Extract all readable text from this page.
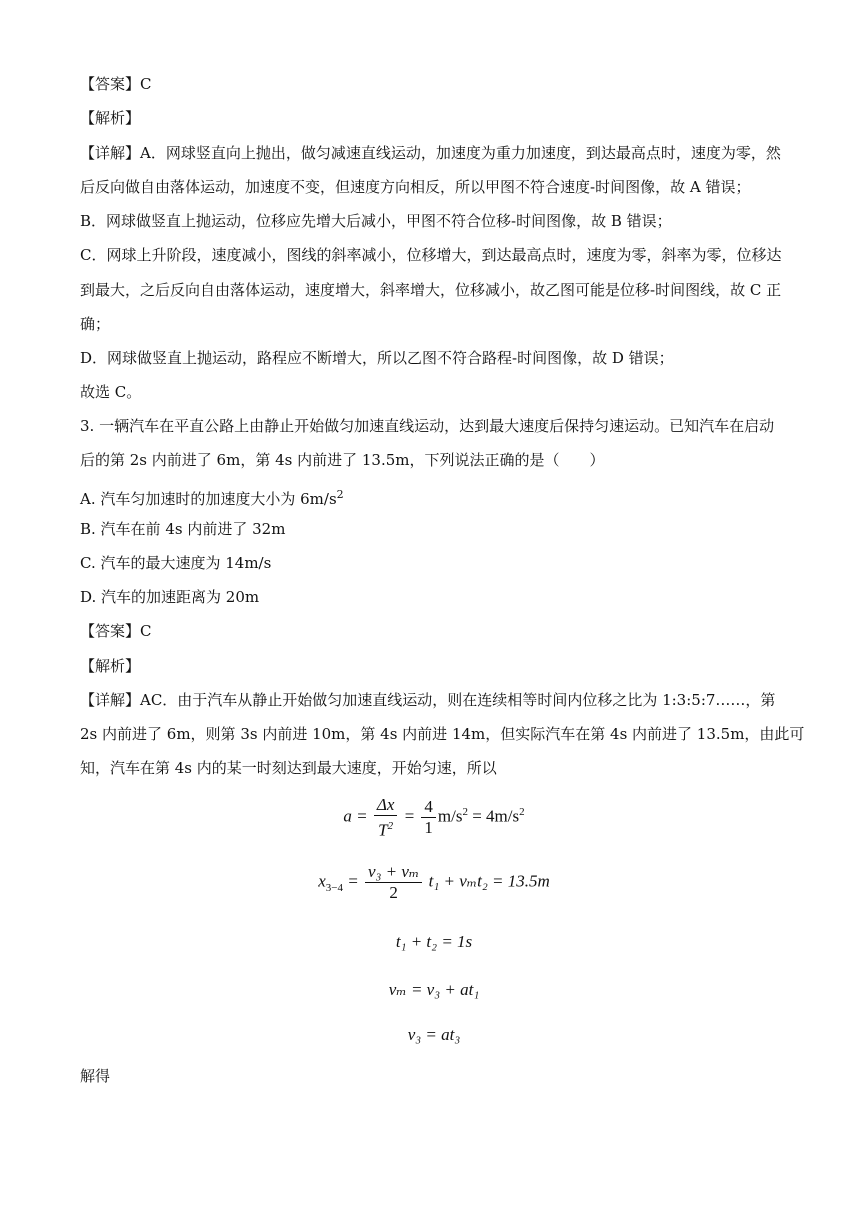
【答案】C
【解析】
【详解】A．网球竖直向上抛出，做匀减速直线运动，加速度为重力加速度，到达最高点时，速度为零，然
后反向做自由落体运动，加速度不变，但速度方向相反，所以甲图不符合速度-时间图像，故 A 错误；
B．网球做竖直上抛运动，位移应先增大后减小，甲图不符合位移-时间图像，故 B 错误；
C．网球上升阶段，速度减小，图线的斜率减小，位移增大，到达最高点时，速度为零，斜率为零，位移达
到最大，之后反向自由落体运动，速度增大，斜率增大，位移减小，故乙图可能是位移-时间图线，故 C 正
确；
D．网球做竖直上抛运动，路程应不断增大，所以乙图不符合路程-时间图像，故 D 错误；
故选 C。
3. 一辆汽车在平直公路上由静止开始做匀加速直线运动，达到最大速度后保持匀速运动。已知汽车在启动
后的第 2s 内前进了 6m，第 4s 内前进了 13.5m，下列说法正确的是（　　）
A. 汽车匀加速时的加速度大小为 $6m/s^2$
B. 汽车在前 4s 内前进了 32m
C. 汽车的最大速度为 14m/s
D. 汽车的加速距离为 20m
【答案】C
【解析】
【详解】AC．由于汽车从静止开始做匀加速直线运动，则在连续相等时间内位移之比为 1:3:5:7……，第
2s 内前进了 6m，则第 3s 内前进 10m，第 4s 内前进 14m，但实际汽车在第 4s 内前进了 13.5m，由此可
知，汽车在第 4s 内的某一时刻达到最大速度，开始匀速，所以
$a = \frac{\Delta x}{T^2} = \frac{4}{1} m/s^2 = 4m/s^2$
$x_{3-4} = \frac{\text{v₃ + vₘ}}{2} t_1 + v_mt_2 = 13.5m$
t₁ + t₂ = 1s
vₘ = v₃ + at₁
v₃ = at₃
解得
